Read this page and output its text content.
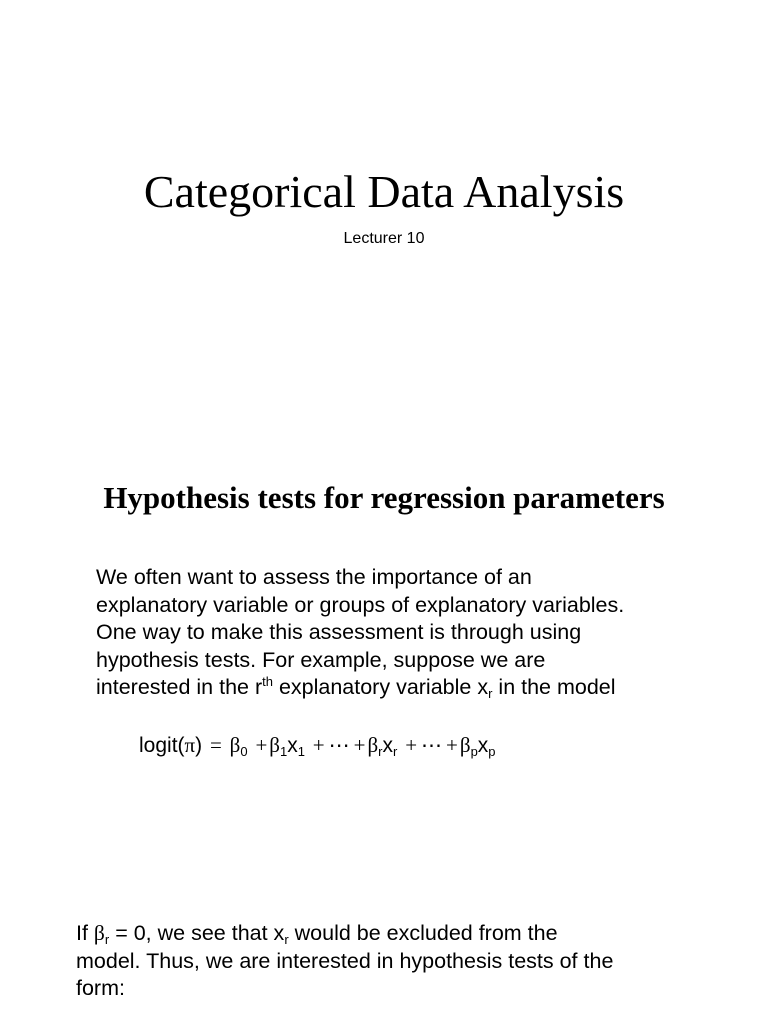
Categorical Data Analysis
Lecturer 10
Hypothesis tests for regression parameters
We often want to assess the importance of an
explanatory variable or groups of explanatory variables.
One way to make this assessment is through using
hypothesis tests. For example, suppose we are
interested in the $r^{th}$ explanatory variable $x_r$ in the model
logit(π) = $\beta_0 +\beta_1x_1$ + ⋯ $+\beta_rx_r$ + ⋯ $+\beta_px_p$
If $\beta_r = 0$, we see that $x_r$ would be excluded from the
model. Thus, we are interested in hypothesis tests of the
form:
